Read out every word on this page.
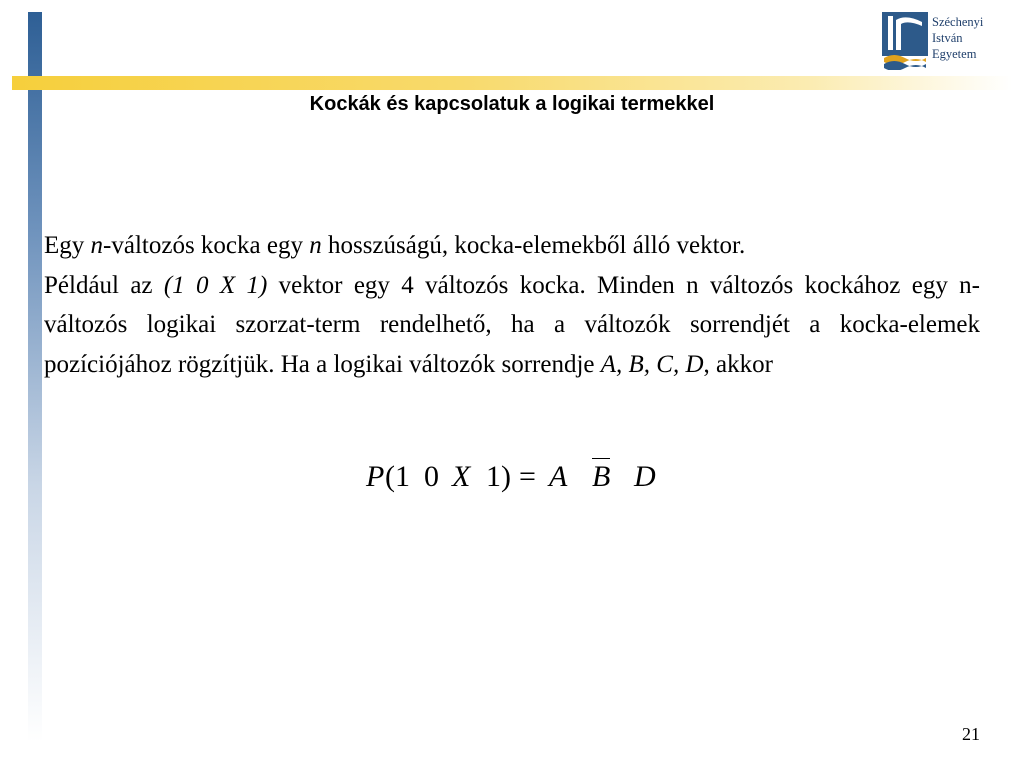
Széchenyi
István
Egyetem
Kockák és kapcsolatuk a logikai termekkel

Egy n-változós kocka egy n hosszúságú, kocka-elemekből álló vektor.

Például az (1 0 X 1) vektor egy 4 változós kocka. Minden n változós kockához egy n-változós logikai szorzat-term rendelhető, ha a változók sorrendjét a kocka-elemek pozíciójához rögzítjük. Ha a logikai változók sorrendje A, B, C, D, akkor

P (1 0 X 1) = A B D
21
